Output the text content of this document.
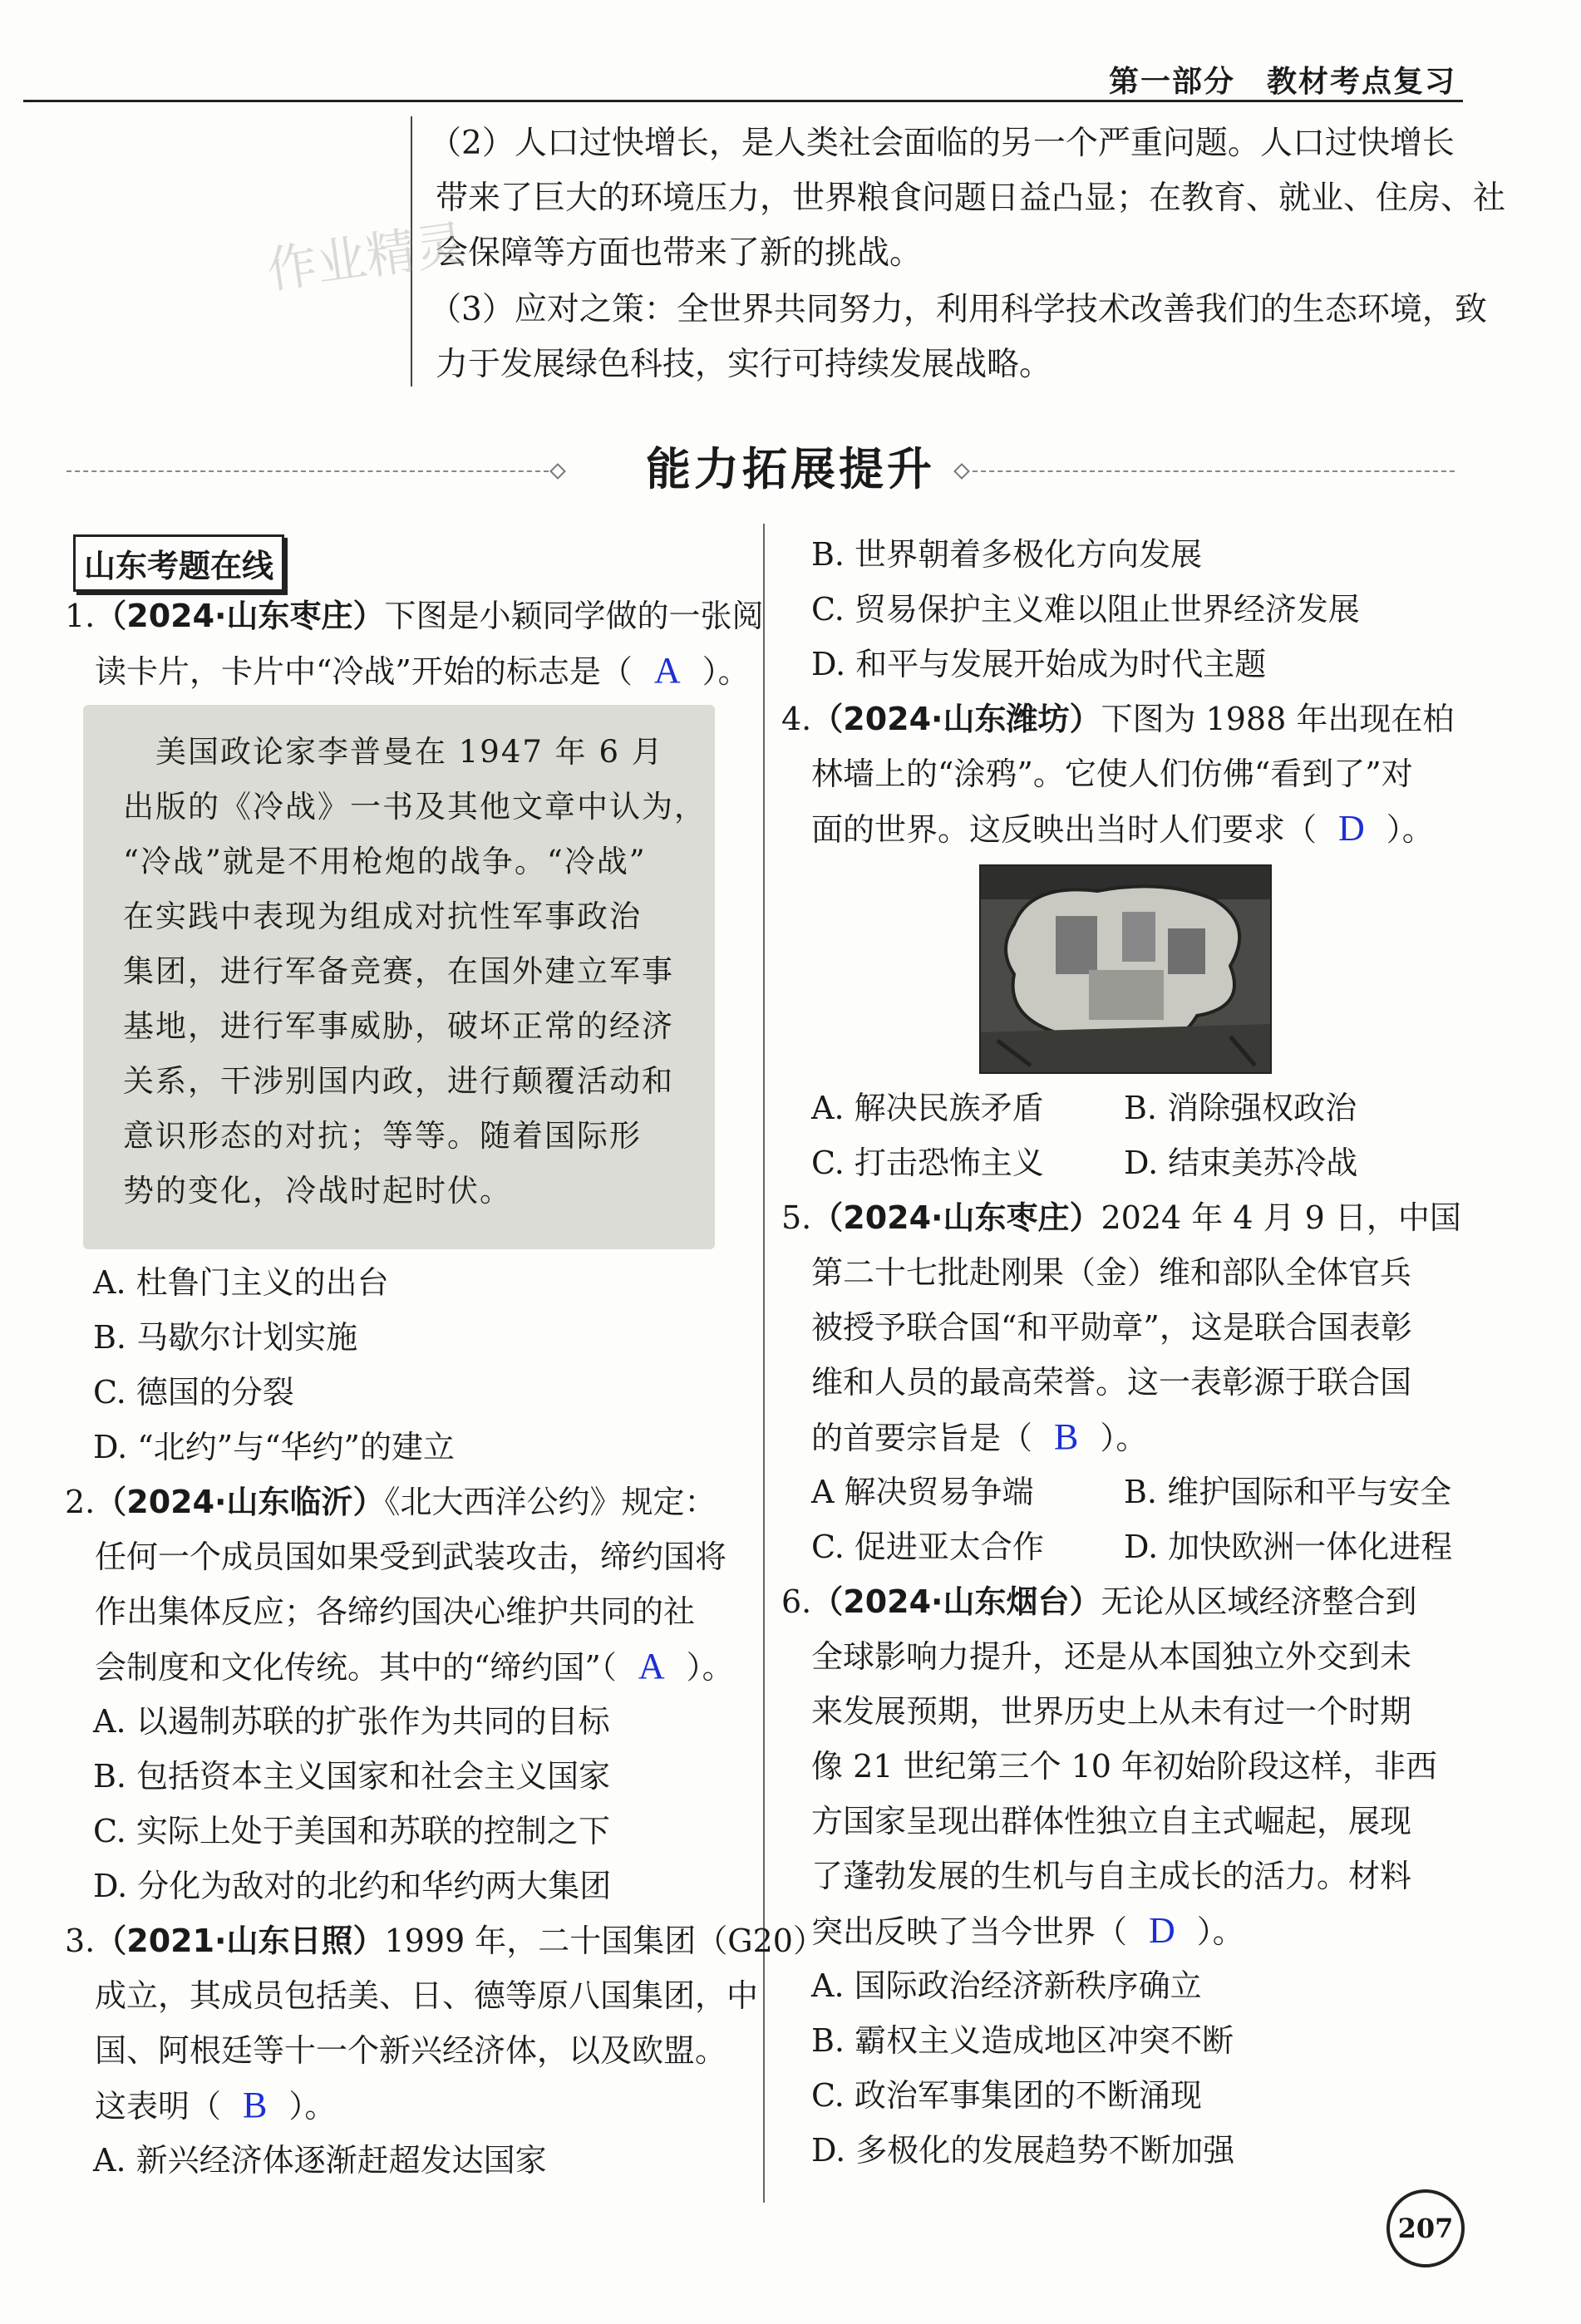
第一部分　教材考点复习
（2）人口过快增长，是人类社会面临的另一个严重问题。人口过快增长
带来了巨大的环境压力，世界粮食问题日益凸显；在教育、就业、住房、社
会保障等方面也带来了新的挑战。
（3）应对之策：全世界共同努力，利用科学技术改善我们的生态环境，致
力于发展绿色科技，实行可持续发展战略。
作业精灵
能力拓展提升
山东考题在线
1.（2024·山东枣庄）下图是小颖同学做的一张阅
读卡片，卡片中“冷战”开始的标志是（ A ）。
　美国政论家李普曼在 1947 年 6 月
出版的《冷战》一书及其他文章中认为，
“冷战”就是不用枪炮的战争。“冷战”
在实践中表现为组成对抗性军事政治
集团，进行军备竞赛，在国外建立军事
基地，进行军事威胁，破坏正常的经济
关系，干涉别国内政，进行颠覆活动和
意识形态的对抗；等等。随着国际形
势的变化，冷战时起时伏。
A. 杜鲁门主义的出台
B. 马歇尔计划实施
C. 德国的分裂
D. “北约”与“华约”的建立
2.（2024·山东临沂）《北大西洋公约》规定：
任何一个成员国如果受到武装攻击，缔约国将
作出集体反应；各缔约国决心维护共同的社
会制度和文化传统。其中的“缔约国”（ A ）。
A. 以遏制苏联的扩张作为共同的目标
B. 包括资本主义国家和社会主义国家
C. 实际上处于美国和苏联的控制之下
D. 分化为敌对的北约和华约两大集团
3.（2021·山东日照）1999 年，二十国集团（G20）
成立，其成员包括美、日、德等原八国集团，中
国、阿根廷等十一个新兴经济体，以及欧盟。
这表明（ B ）。
A. 新兴经济体逐渐赶超发达国家
B. 世界朝着多极化方向发展
C. 贸易保护主义难以阻止世界经济发展
D. 和平与发展开始成为时代主题
4.（2024·山东潍坊）下图为 1988 年出现在柏
林墙上的“涂鸦”。它使人们仿佛“看到了”对
面的世界。这反映出当时人们要求（ D ）。
A. 解决民族矛盾	B. 消除强权政治
C. 打击恐怖主义	D. 结束美苏冷战
5.（2024·山东枣庄）2024 年 4 月 9 日，中国
第二十七批赴刚果（金）维和部队全体官兵
被授予联合国“和平勋章”，这是联合国表彰
维和人员的最高荣誉。这一表彰源于联合国
的首要宗旨是（ B ）。
A 解决贸易争端	B. 维护国际和平与安全
C. 促进亚太合作	D. 加快欧洲一体化进程
6.（2024·山东烟台）无论从区域经济整合到
全球影响力提升，还是从本国独立外交到未
来发展预期，世界历史上从未有过一个时期
像 21 世纪第三个 10 年初始阶段这样，非西
方国家呈现出群体性独立自主式崛起，展现
了蓬勃发展的生机与自主成长的活力。材料
突出反映了当今世界（ D ）。
A. 国际政治经济新秩序确立
B. 霸权主义造成地区冲突不断
C. 政治军事集团的不断涌现
D. 多极化的发展趋势不断加强
207
